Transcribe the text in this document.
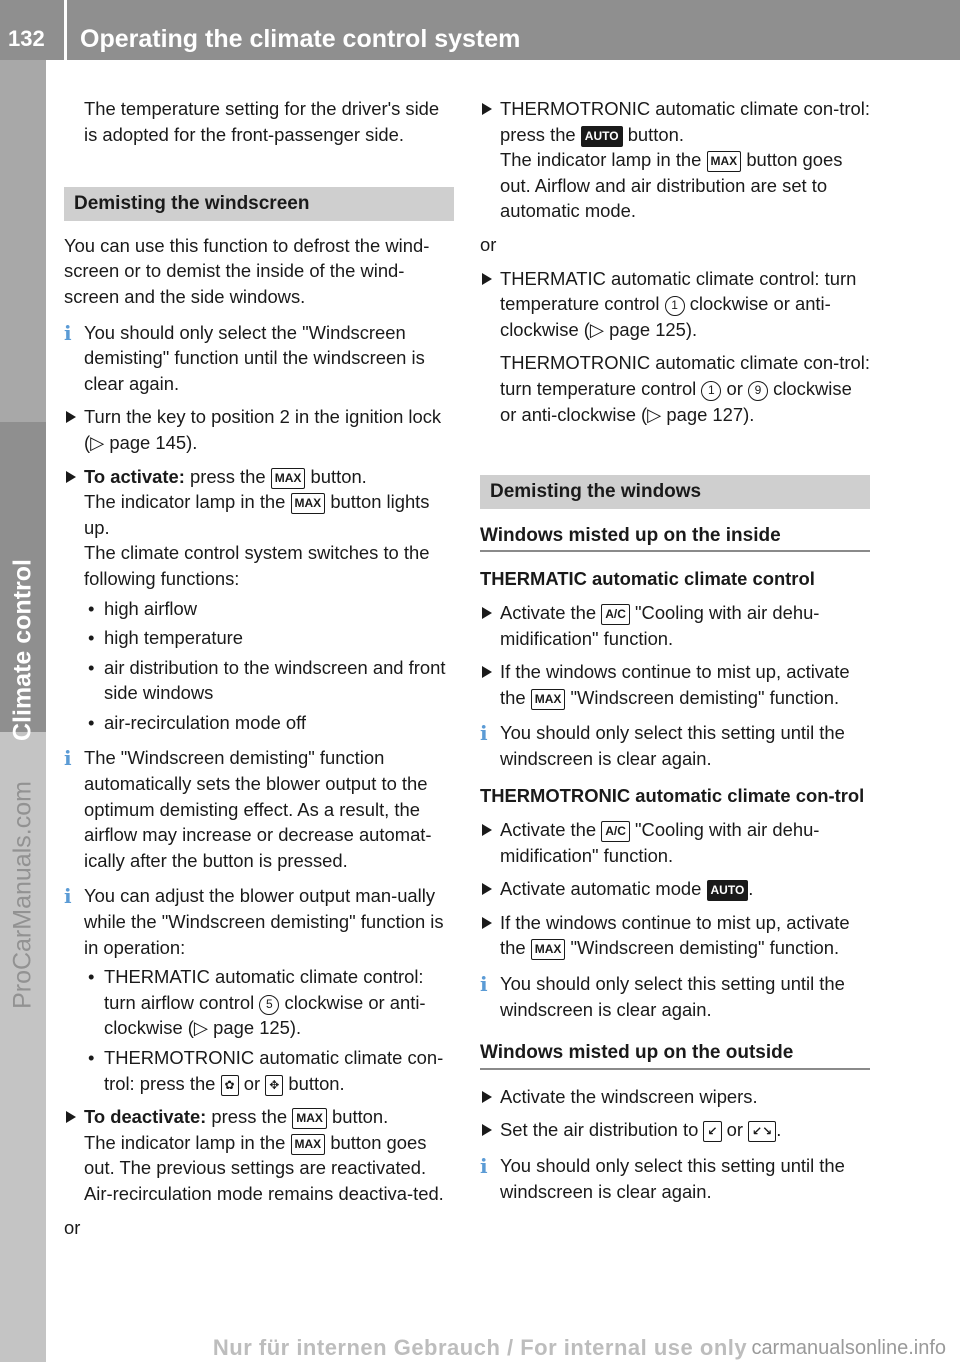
132	Operating the climate control system
Climate control
ProCarManuals.com

The temperature setting for the driver's side is adopted for the front-passenger side.

Demisting the windscreen

You can use this function to defrost the wind-screen or to demist the inside of the wind-screen and the side windows.

i You should only select the "Windscreen demisting" function until the windscreen is clear again.
Turn the key to position 2 in the ignition lock (▷ page 145).
To activate: press the MAX button.
The indicator lamp in the MAX button lights up.
The climate control system switches to the following functions:
• high airflow
• high temperature
• air distribution to the windscreen and front side windows
• air-recirculation mode off
i The "Windscreen demisting" function automatically sets the blower output to the optimum demisting effect. As a result, the airflow may increase or decrease automat-ically after the button is pressed.
i You can adjust the blower output man-ually while the "Windscreen demisting" function is in operation:
• THERMATIC automatic climate control: turn airflow control 5 clockwise or anti-clockwise (▷ page 125).
• THERMOTRONIC automatic climate con-trol: press the ✿ or ✥ button.
To deactivate: press the MAX button.
The indicator lamp in the MAX button goes out. The previous settings are reactivated. Air-recirculation mode remains deactiva-ted.

or

THERMOTRONIC automatic climate con-trol: press the AUTO button.
The indicator lamp in the MAX button goes out. Airflow and air distribution are set to automatic mode.

or

THERMATIC automatic climate control: turn temperature control 1 clockwise or anti-clockwise (▷ page 125).
THERMOTRONIC automatic climate con-trol: turn temperature control 1 or 9 clockwise or anti-clockwise (▷ page 127).
Demisting the windows
Windows misted up on the inside

THERMATIC automatic climate control

Activate the A/C "Cooling with air dehu-midification" function.
If the windows continue to mist up, activate the MAX "Windscreen demisting" function.
i You should only select this setting until the windscreen is clear again.

THERMOTRONIC automatic climate con-trol

Activate the A/C "Cooling with air dehu-midification" function.
Activate automatic mode AUTO .
If the windows continue to mist up, activate the MAX "Windscreen demisting" function.
i You should only select this setting until the windscreen is clear again.
Windows misted up on the outside
Activate the windscreen wipers.
Set the air distribution to ↙ or ↙↘ .
i You should only select this setting until the windscreen is clear again.
Nur für internen Gebrauch / For internal use only carmanualsonline.info
